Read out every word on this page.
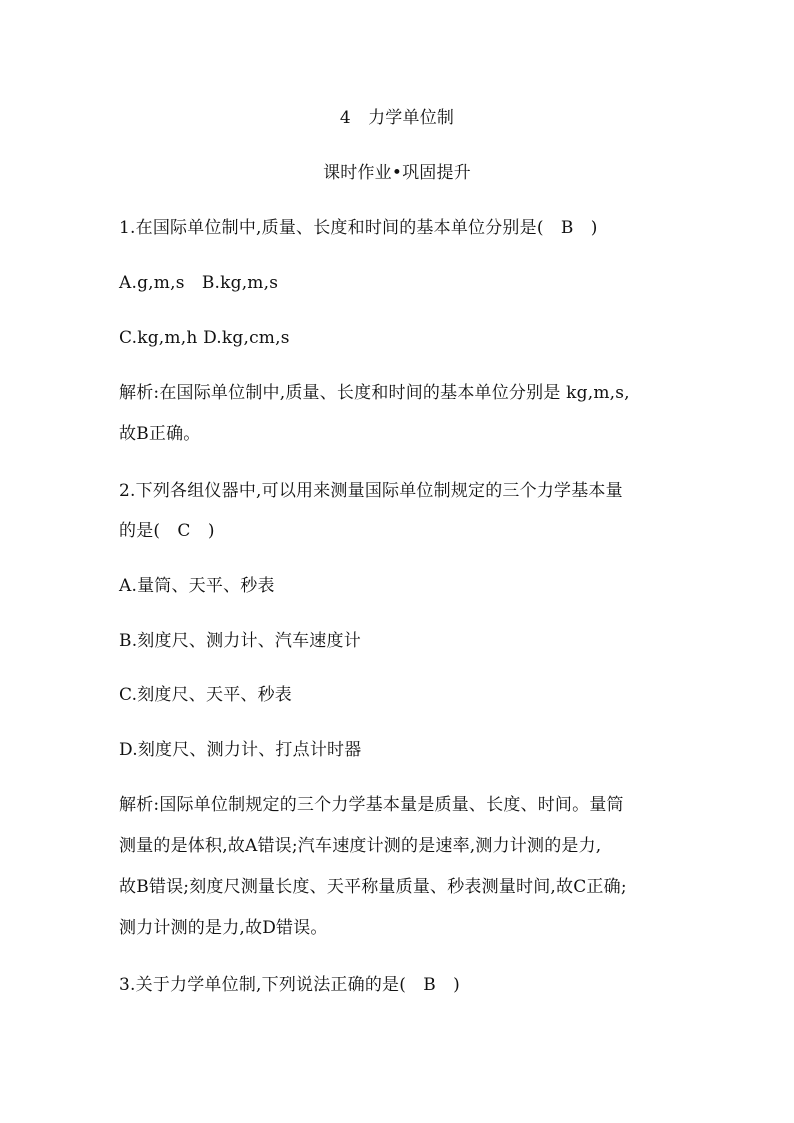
4　力学单位制
课时作业•巩固提升
1.在国际单位制中,质量、长度和时间的基本单位分别是(　B　)
A.g,m,s　B.kg,m,s
C.kg,m,h D.kg,cm,s
解析:在国际单位制中,质量、长度和时间的基本单位分别是 kg,m,s,
故B正确。
2.下列各组仪器中,可以用来测量国际单位制规定的三个力学基本量
的是(　C　)
A.量筒、天平、秒表
B.刻度尺、测力计、汽车速度计
C.刻度尺、天平、秒表
D.刻度尺、测力计、打点计时器
解析:国际单位制规定的三个力学基本量是质量、长度、时间。量筒
测量的是体积,故A错误;汽车速度计测的是速率,测力计测的是力,
故B错误;刻度尺测量长度、天平称量质量、秒表测量时间,故C正确;
测力计测的是力,故D错误。
3.关于力学单位制,下列说法正确的是(　B　)
